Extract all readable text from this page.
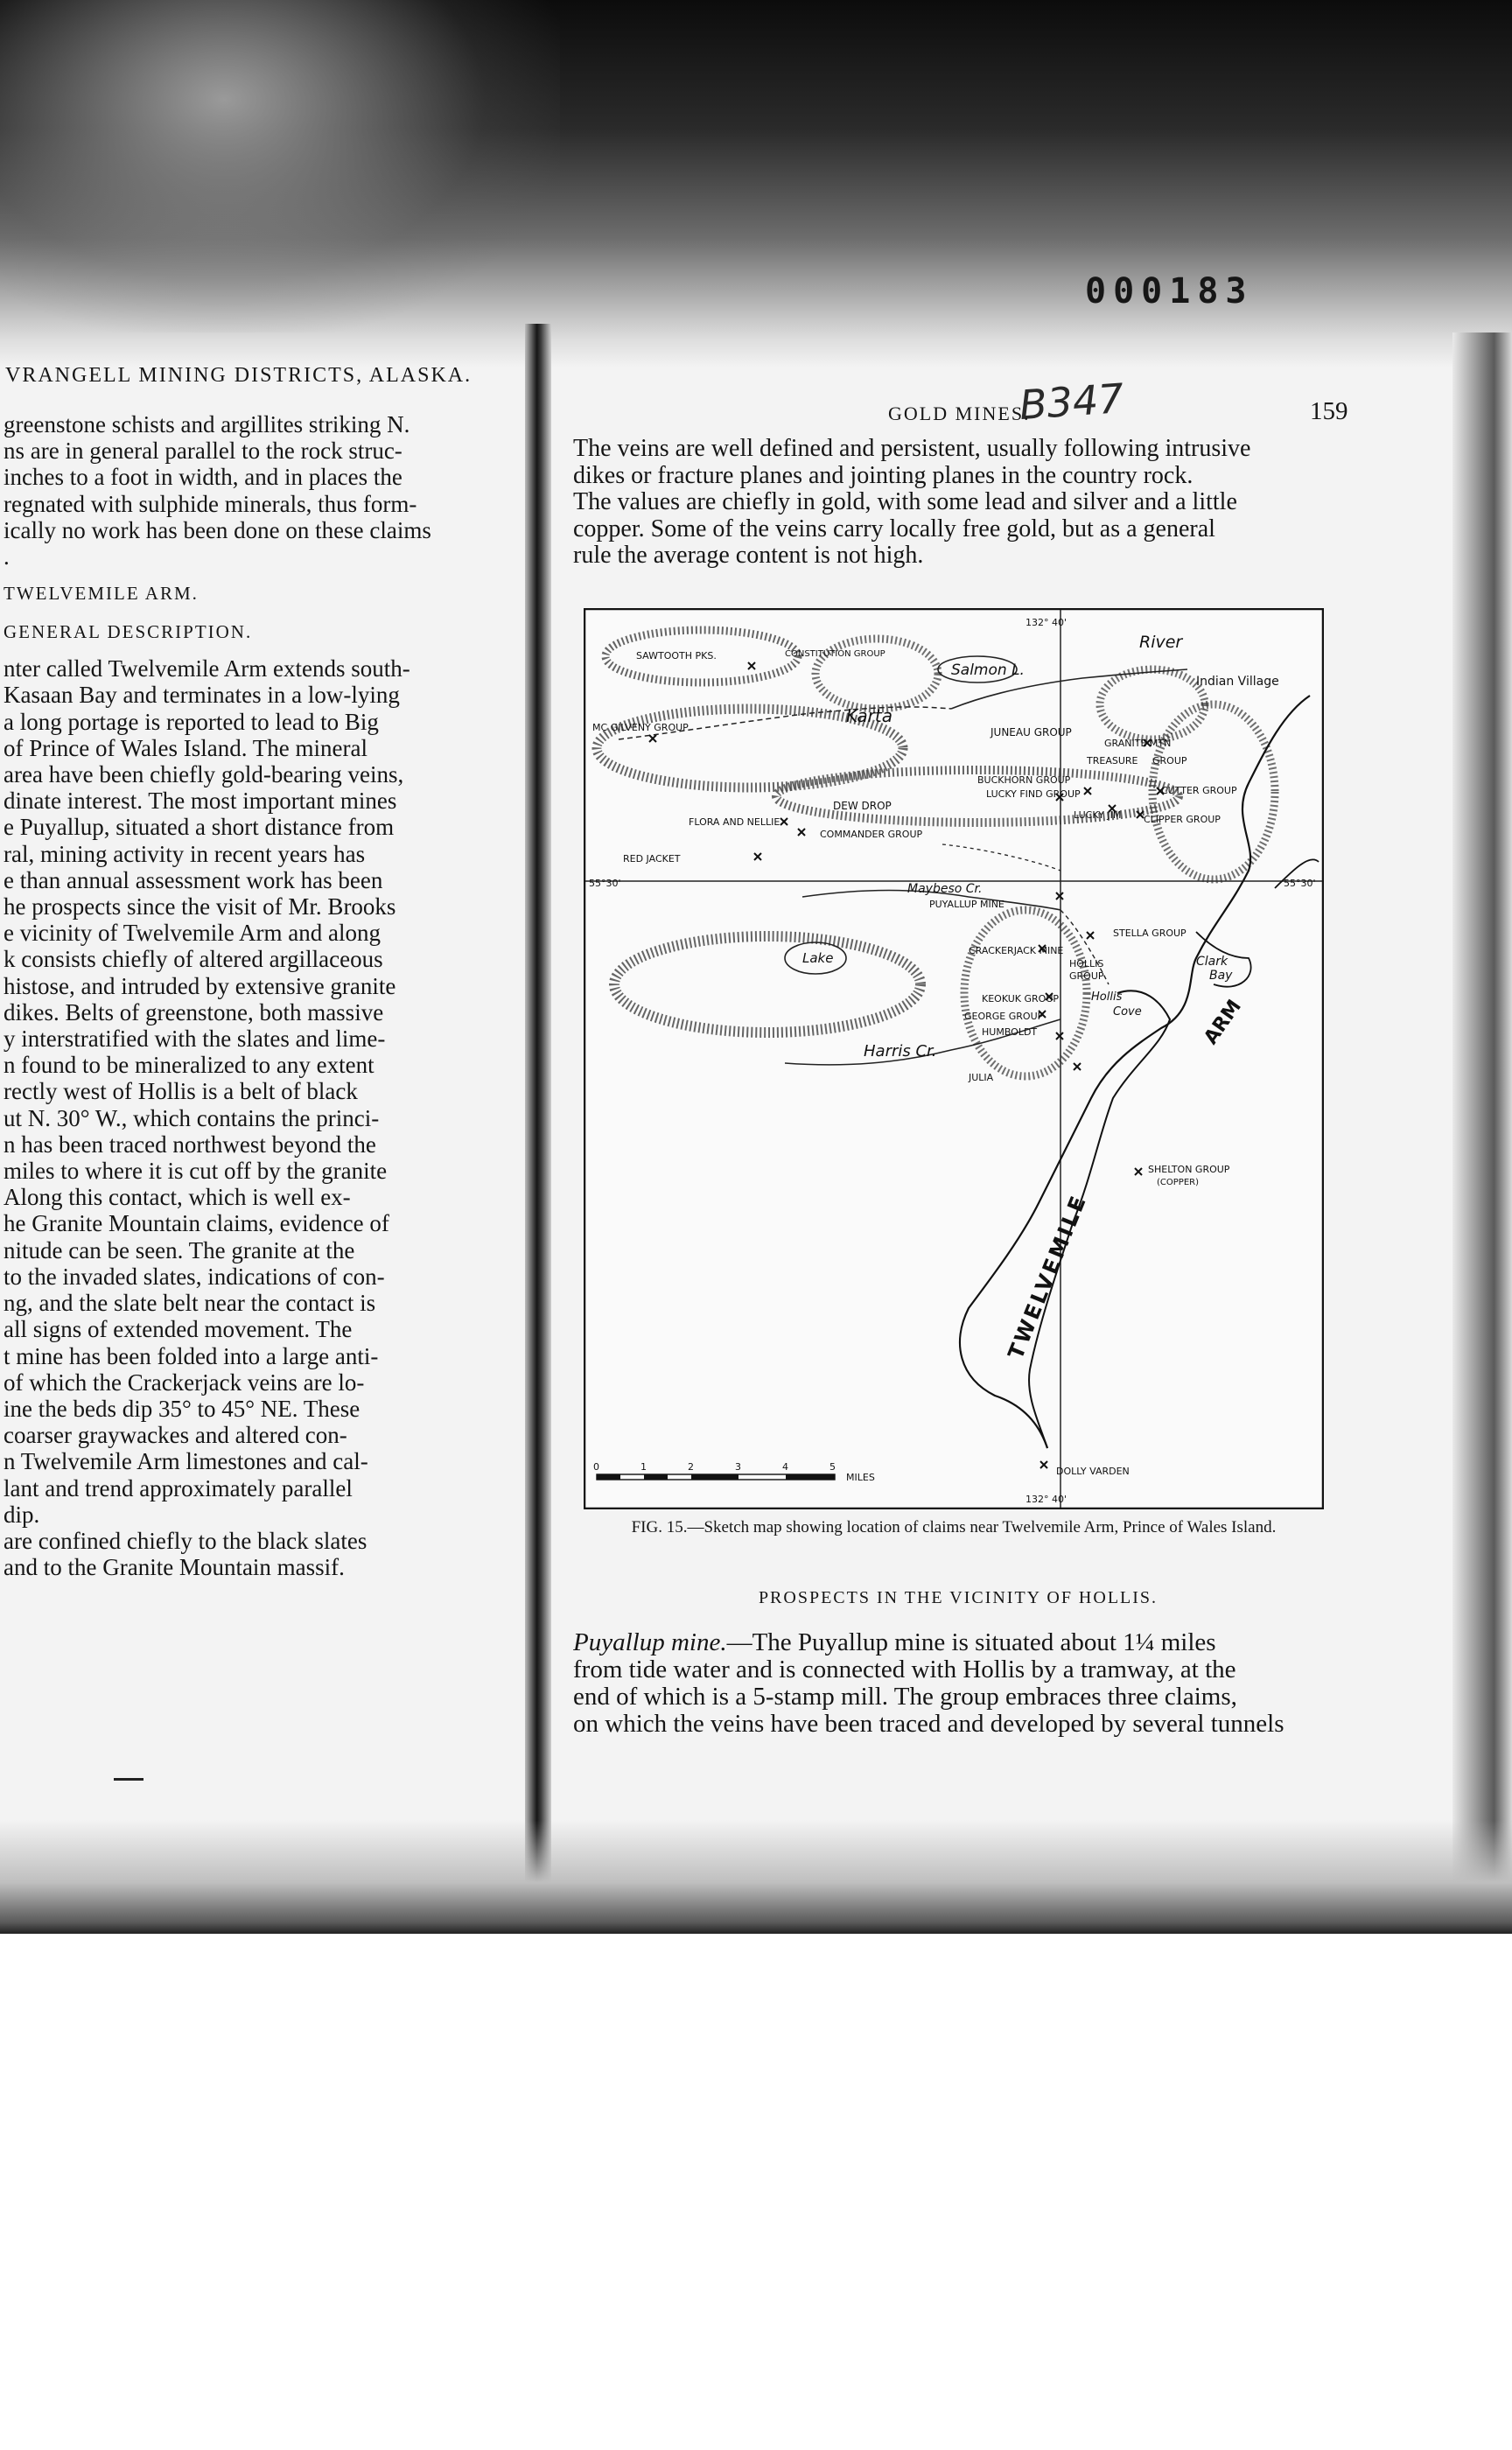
000183
B347
VRANGELL MINING DISTRICTS, ALASKA.
greenstone schists and argillites striking N.
ns are in general parallel to the rock struc-
inches to a foot in width, and in places the
regnated with sulphide minerals, thus form-
ically no work has been done on these claims
.
TWELVEMILE ARM.
GENERAL DESCRIPTION.
nter called Twelvemile Arm extends south-
Kasaan Bay and terminates in a low-lying
a long portage is reported to lead to Big
of Prince of Wales Island. The mineral
area have been chiefly gold-bearing veins,
dinate interest. The most important mines
e Puyallup, situated a short distance from
ral, mining activity in recent years has
e than annual assessment work has been
he prospects since the visit of Mr. Brooks
e vicinity of Twelvemile Arm and along
k consists chiefly of altered argillaceous
histose, and intruded by extensive granite
dikes. Belts of greenstone, both massive
y interstratified with the slates and lime-
n found to be mineralized to any extent
rectly west of Hollis is a belt of black
ut N. 30° W., which contains the princi-
n has been traced northwest beyond the
miles to where it is cut off by the granite
Along this contact, which is well ex-
he Granite Mountain claims, evidence of
nitude can be seen. The granite at the
to the invaded slates, indications of con-
ng, and the slate belt near the contact is
all signs of extended movement. The
t mine has been folded into a large anti-
of which the Crackerjack veins are lo-
ine the beds dip 35° to 45° NE. These
coarser graywackes and altered con-
n Twelvemile Arm limestones and cal-
lant and trend approximately parallel
dip.
are confined chiefly to the black slates
and to the Granite Mountain massif.
GOLD MINES.	159
The veins are well defined and persistent, usually following intrusive
dikes or fracture planes and jointing planes in the country rock.
The values are chiefly in gold, with some lead and silver and a little
copper. Some of the veins carry locally free gold, but as a general
rule the average content is not high.
SAWTOOTH PKS.	CONSTITUTION GROUP
MC GILVENY GROUP
Karta
Salmon L.
River
Indian Village
JUNEAU GROUP
GRANITE MTN
TREASURE GROUP
BUCKHORN GROUP
LUCKY FIND GROUP
LUCKY JIM
CUTTER GROUP
CLIPPER GROUP
DEW DROP
FLORA AND NELLIE
COMMANDER GROUP
RED JACKET
Maybeso Cr.
PUYALLUP MINE
Lake	CRACKERJACK MINE
STELLA GROUP
HOLLIS
GROUP
Hollis
Cove
Clark
Bay
KEOKUK GROUP
GEORGE GROUP
HUMBOLDT
Harris Cr.
JULIA
ARM
TWELVEMILE
SHELTON GROUP
(COPPER)
DOLLY VARDEN
55°30'	55°30'
132° 40'
132° 40'
0	1	2	3	4	5
MILES
FIG. 15.—Sketch map showing location of claims near Twelvemile Arm, Prince of Wales Island.
PROSPECTS IN THE VICINITY OF HOLLIS.
Puyallup mine.—The Puyallup mine is situated about 1¼ miles
from tide water and is connected with Hollis by a tramway, at the
end of which is a 5-stamp mill. The group embraces three claims,
on which the veins have been traced and developed by several tunnels
